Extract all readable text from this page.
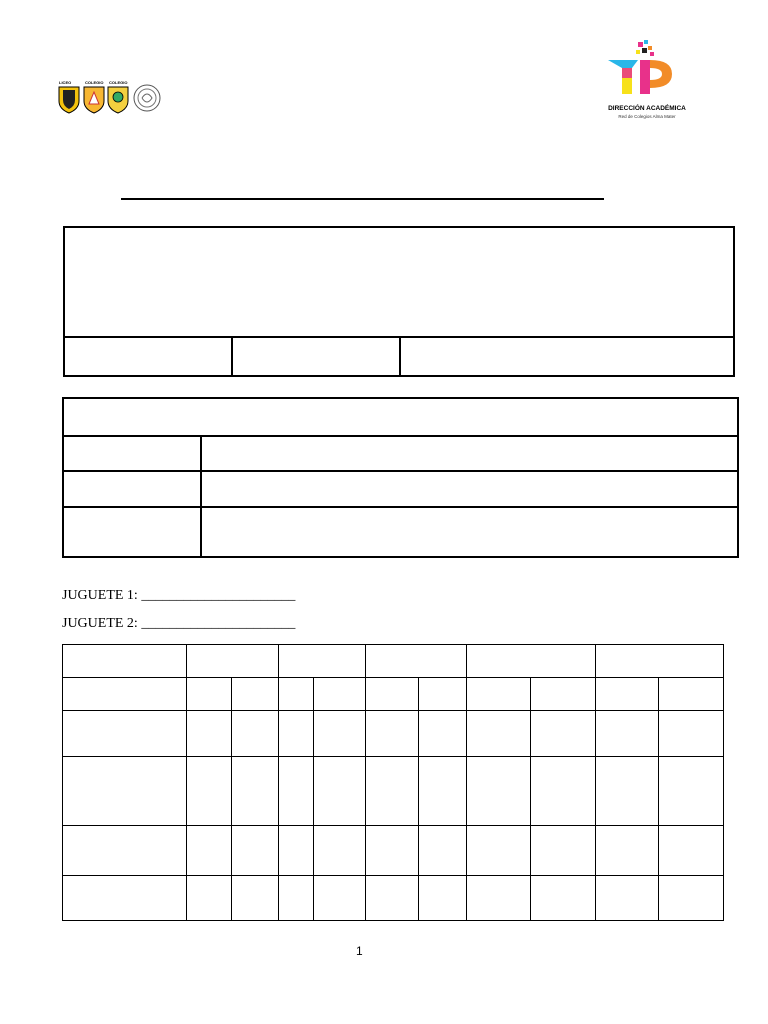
LICEO	COLEGIO COLEGIO
DIRECCIÓN ACADÉMICA
Red de Colegios Alma Mater
JUGUETE 1: ______________________
JUGUETE 2: ______________________

1
